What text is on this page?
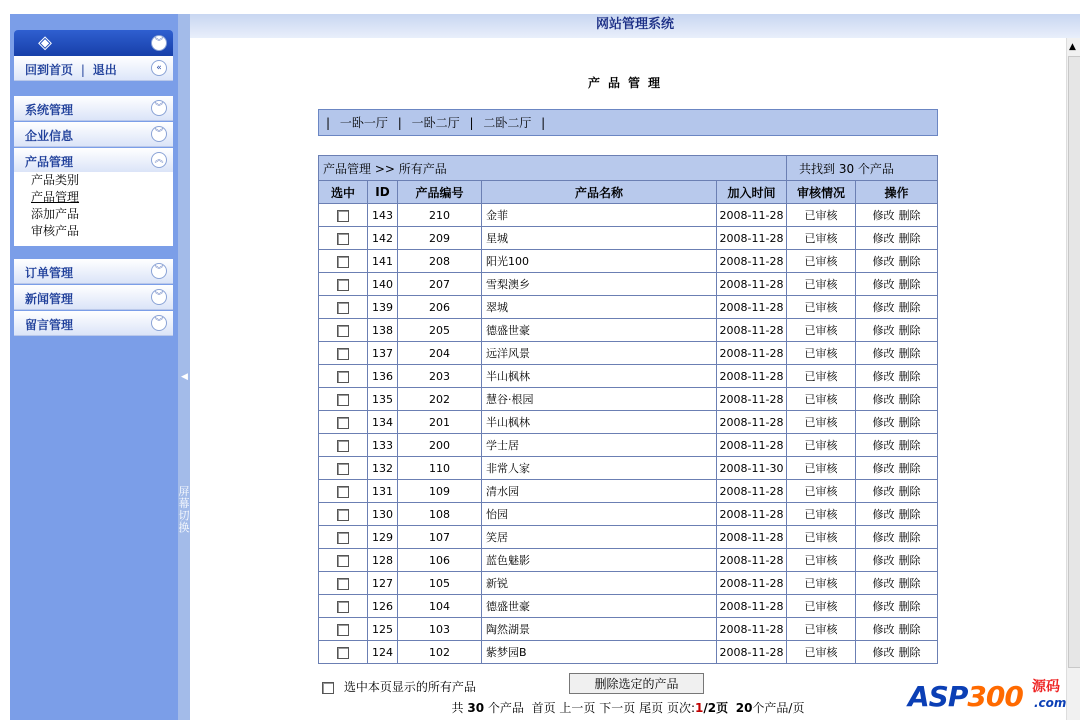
◈	︾
回到首页 | 退出	«
系统管理	︾
企业信息	︾
产品管理	︽
产品类别
产品管理
添加产品
审核产品
订单管理	︾
新闻管理	︾
留言管理	︾
◀
屏幕切换
网站管理系统
▲
产品管理
| 一卧一厅 | 一卧二厅 | 二卧二厅 |
产品管理 >> 所有产品					共找到 30 个产品	
选中	ID	产品编号	产品名称	加入时间	审核情况	操作
	143	210	金菲	2008-11-28	已审核	修改 删除
	142	209	星城	2008-11-28	已审核	修改 删除
	141	208	阳光100	2008-11-28	已审核	修改 删除
	140	207	雪梨澳乡	2008-11-28	已审核	修改 删除
	139	206	翠城	2008-11-28	已审核	修改 删除
	138	205	德盛世豪	2008-11-28	已审核	修改 删除
	137	204	远洋风景	2008-11-28	已审核	修改 删除
	136	203	半山枫林	2008-11-28	已审核	修改 删除
	135	202	慧谷·根园	2008-11-28	已审核	修改 删除
	134	201	半山枫林	2008-11-28	已审核	修改 删除
	133	200	学士居	2008-11-28	已审核	修改 删除
	132	110	非常人家	2008-11-30	已审核	修改 删除
	131	109	清水园	2008-11-28	已审核	修改 删除
	130	108	怡园	2008-11-28	已审核	修改 删除
	129	107	笑居	2008-11-28	已审核	修改 删除
	128	106	蓝色魅影	2008-11-28	已审核	修改 删除
	127	105	新锐	2008-11-28	已审核	修改 删除
	126	104	德盛世豪	2008-11-28	已审核	修改 删除
	125	103	陶然湖景	2008-11-28	已审核	修改 删除
	124	102	紫梦园B	2008-11-28	已审核	修改 删除
选中本页显示的所有产品	删除选定的产品
共 30 个产品 首页 上一页 下一页 尾页 页次:1/2页 20个产品/页	ASP300 源码
.com
